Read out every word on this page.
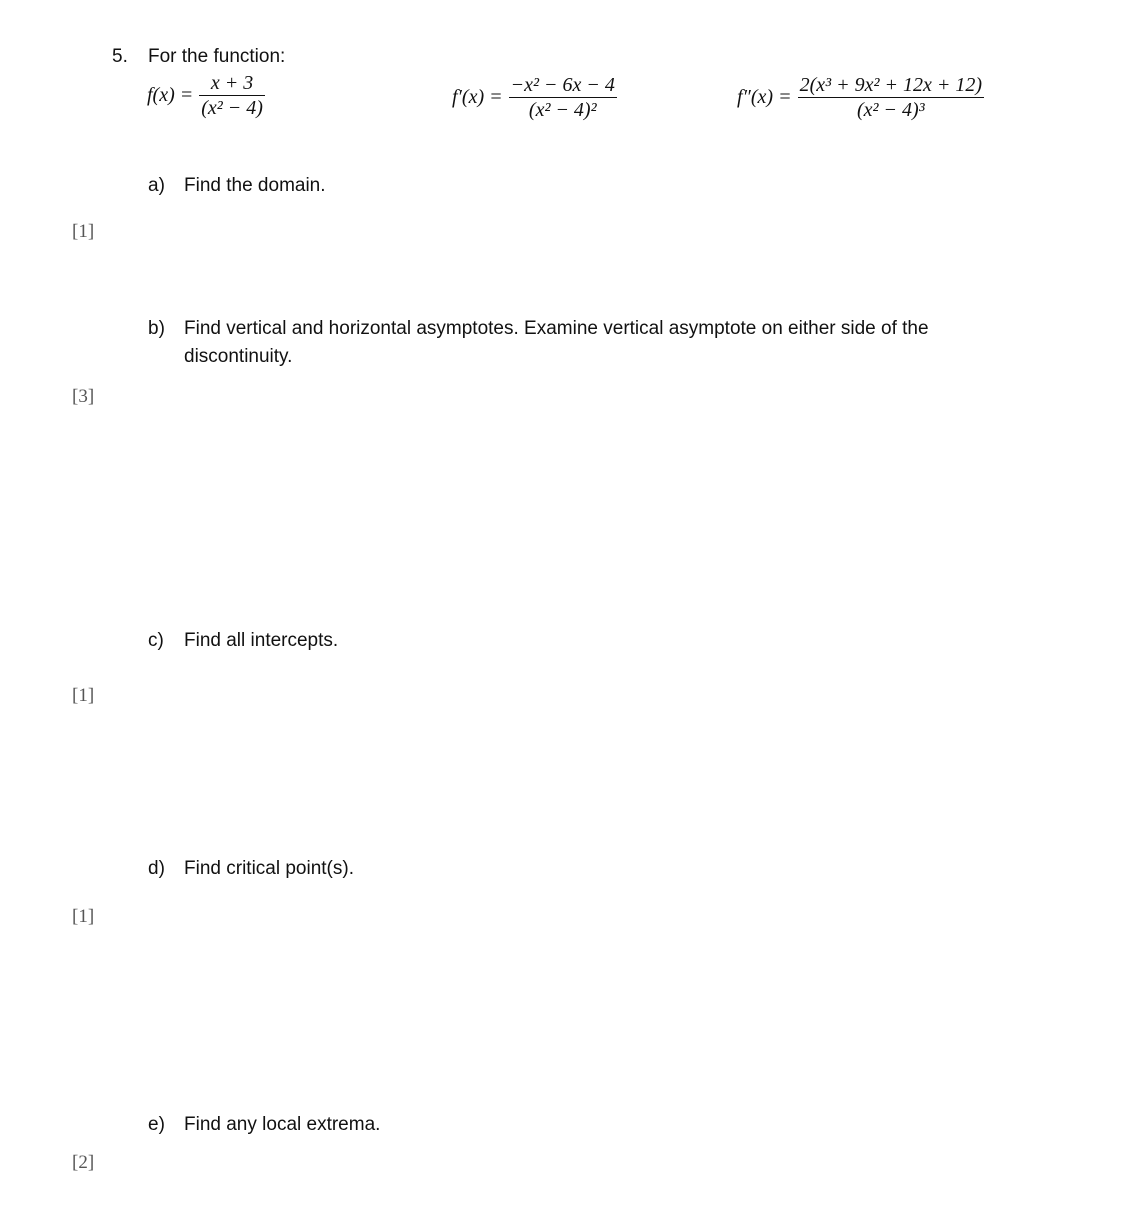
5. For the function:
$f(x) = \frac{x + 3}{\text{(x² − 4)}}$	$f'(x) = \frac{\text{−x² − 6x − 4}}{\text{(x² − 4)²}}$	$f''(x) = \frac{\text{2(x³ + 9x² + 12x + 12)}}{\text{(x² − 4)³}}$
a) Find the domain.
[1]
b) Find vertical and horizontal asymptotes. Examine vertical asymptote on either side of the discontinuity.
[3]
c) Find all intercepts.
[1]
d) Find critical point(s).
[1]
e) Find any local extrema.
[2]
